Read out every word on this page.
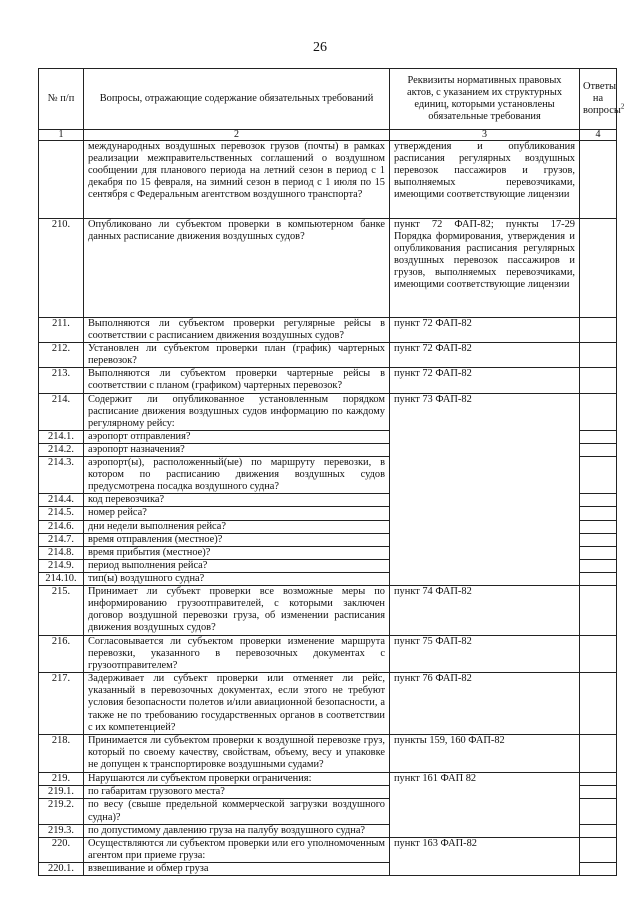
26
№ п/п	Вопросы, отражающие содержание обязательных требований	Реквизиты нормативных правовых актов, с указанием их структурных единиц, которыми установлены обязательные требования	Ответы на вопросы$^2$
1	2	3	4
	международных воздушных перевозок грузов (почты) в рамках реализации межправительственных соглашений о воздушном сообщении для планового периода на летний сезон в период с 1 декабря по 15 февраля, на зимний сезон в период с 1 июля по 15 сентября с Федеральным агентством воздушного транспорта?	утверждения и опубликования расписания регулярных воздушных перевозок пассажиров и грузов, выполняемых перевозчиками, имеющими соответствующие лицензии	
210.	Опубликовано ли субъектом проверки в компьютерном банке данных расписание движения воздушных судов?	пункт 72 ФАП-82; пункты 17-29 Порядка формирования, утверждения и опубликования расписания регулярных воздушных перевозок пассажиров и грузов, выполняемых перевозчиками, имеющими соответствующие лицензии	
211.	Выполняются ли субъектом проверки регулярные рейсы в соответствии с расписанием движения воздушных судов?	пункт 72 ФАП-82	
212.	Установлен ли субъектом проверки план (график) чартерных перевозок?	пункт 72 ФАП-82	
213.	Выполняются ли субъектом проверки чартерные рейсы в соответствии с планом (графиком) чартерных перевозок?	пункт 72 ФАП-82	
214.	Содержит ли опубликованное установленным порядком расписание движения воздушных судов информацию по каждому регулярному рейсу:	пункт 73 ФАП-82	
214.1.	аэропорт отправления?		
214.2.	аэропорт назначения?		
214.3.	аэропорт(ы), расположенный(ые) по маршруту перевозки, в котором по расписанию движения воздушных судов предусмотрена посадка воздушного судна?		
214.4.	код перевозчика?		
214.5.	номер рейса?		
214.6.	дни недели выполнения рейса?		
214.7.	время отправления (местное)?		
214.8.	время прибытия (местное)?		
214.9.	период выполнения рейса?		
214.10.	тип(ы) воздушного судна?		
215.	Принимает ли субъект проверки все возможные меры по информированию грузоотправителей, с которыми заключен договор воздушной перевозки груза, об изменении расписания движения воздушных судов?	пункт 74 ФАП-82	
216.	Согласовывается ли субъектом проверки изменение маршрута перевозки, указанного в перевозочных документах с грузоотправителем?	пункт 75 ФАП-82	
217.	Задерживает ли субъект проверки или отменяет ли рейс, указанный в перевозочных документах, если этого не требуют условия безопасности полетов и/или авиационной безопасности, а также не по требованию государственных органов в соответствии с их компетенцией?	пункт 76 ФАП-82	
218.	Принимается ли субъектом проверки к воздушной перевозке груз, который по своему качеству, свойствам, объему, весу и упаковке не допущен к транспортировке воздушными судами?	пункты 159, 160 ФАП-82	
219.	Нарушаются ли субъектом проверки ограничения:	пункт 161 ФАП 82	
219.1.	по габаритам грузового места?		
219.2.	по весу (свыше предельной коммерческой загрузки воздушного судна)?		
219.3.	по допустимому давлению груза на палубу воздушного судна?		
220.	Осуществляются ли субъектом проверки или его уполномоченным агентом при приеме груза:	пункт 163 ФАП-82	
220.1.	взвешивание и обмер груза		
